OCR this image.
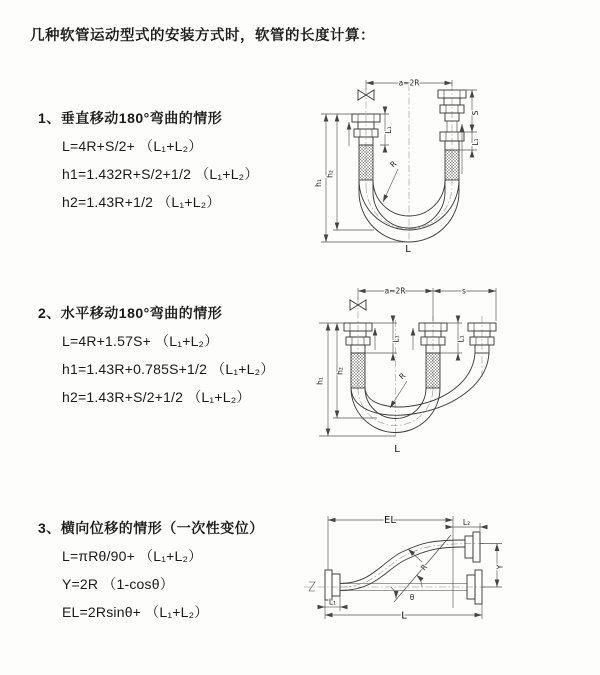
几种软管运动型式的安装方式时，软管的长度计算：
1、垂直移动180°弯曲的情形
L=4R+S/2+ （L₁+L₂）
h1=1.432R+S/2+1/2 （L₁+L₂）
h2=1.43R+1/2 （L₁+L₂）
2、水平移动180°弯曲的情形
L=4R+1.57S+ （L₁+L₂）
h1=1.43R+0.785S+1/2 （L₁+L₂）
h2=1.43R+S/2+1/2 （L₁+L₂）
3、横向位移的情形（一次性变位）
L=πRθ/90+ （L₁+L₂）
Y=2R （1-cosθ）
EL=2Rsinθ+ （L₁+L₂）
a=2R
S
L₁
L₁
h₂
h₁
R
L
a=2R	s
L₁	L₁
h₂
h₁	R
L
EL	L₂
Y
R
θ
L₁
L
